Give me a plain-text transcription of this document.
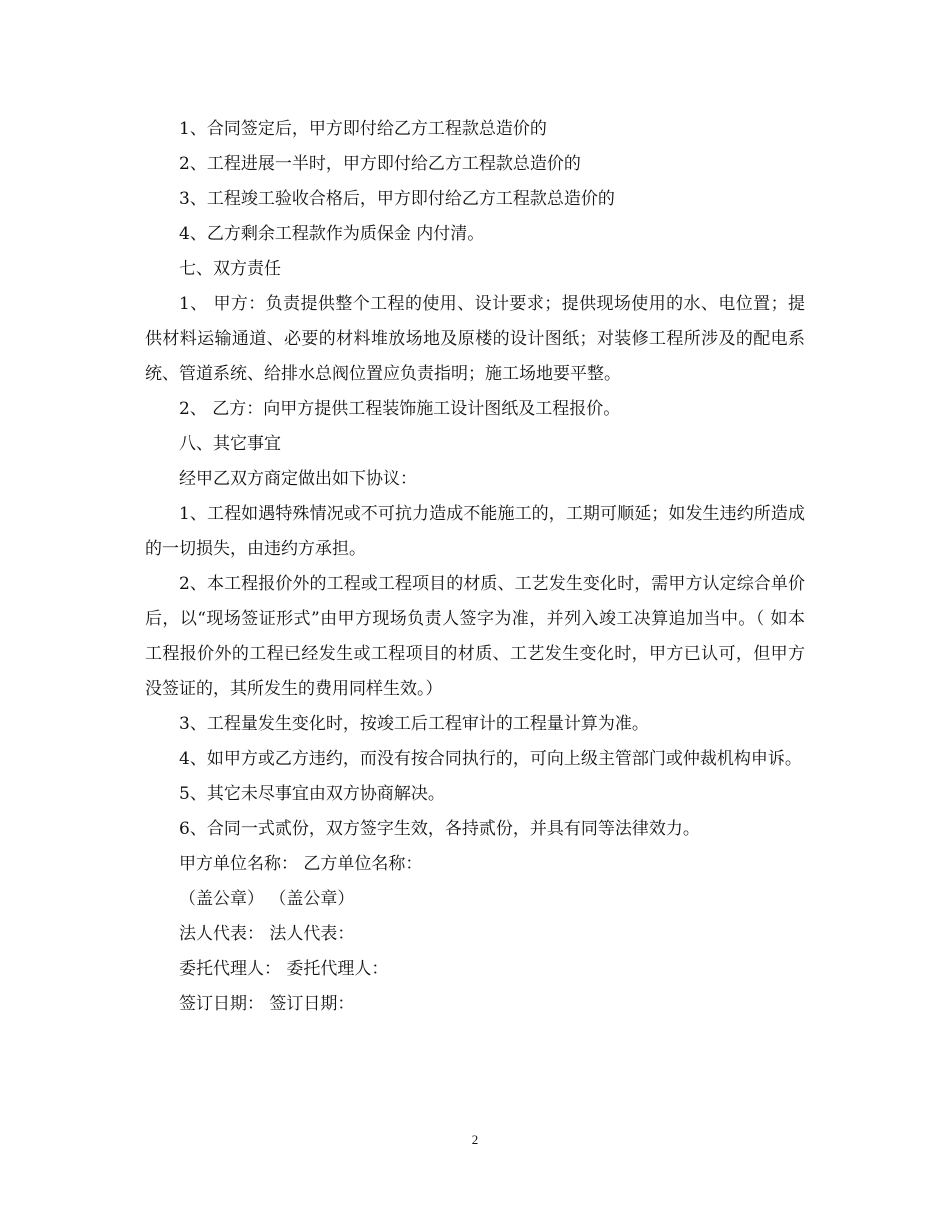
1、合同签定后，甲方即付给乙方工程款总造价的

2、工程进展一半时，甲方即付给乙方工程款总造价的

3、工程竣工验收合格后，甲方即付给乙方工程款总造价的

4、乙方剩余工程款作为质保金 内付清。

七、双方责任

1、 甲方：负责提供整个工程的使用、设计要求；提供现场使用的水、电位置；提供材料运输通道、必要的材料堆放场地及原楼的设计图纸；对装修工程所涉及的配电系统、管道系统、给排水总阀位置应负责指明；施工场地要平整。

2、 乙方：向甲方提供工程装饰施工设计图纸及工程报价。

八、其它事宜

经甲乙双方商定做出如下协议：

1、工程如遇特殊情况或不可抗力造成不能施工的，工期可顺延；如发生违约所造成的一切损失，由违约方承担。

2、本工程报价外的工程或工程项目的材质、工艺发生变化时，需甲方认定综合单价后，以“现场签证形式”由甲方现场负责人签字为准，并列入竣工决算追加当中。（ 如本工程报价外的工程已经发生或工程项目的材质、工艺发生变化时，甲方已认可，但甲方没签证的，其所发生的费用同样生效。）

3、工程量发生变化时，按竣工后工程审计的工程量计算为准。

4、如甲方或乙方违约，而没有按合同执行的，可向上级主管部门或仲裁机构申诉。

5、其它未尽事宜由双方协商解决。

6、合同一式贰份，双方签字生效，各持贰份，并具有同等法律效力。

甲方单位名称： 乙方单位名称：

（盖公章） （盖公章）

法人代表： 法人代表：

委托代理人： 委托代理人：

签订日期： 签订日期：

2
